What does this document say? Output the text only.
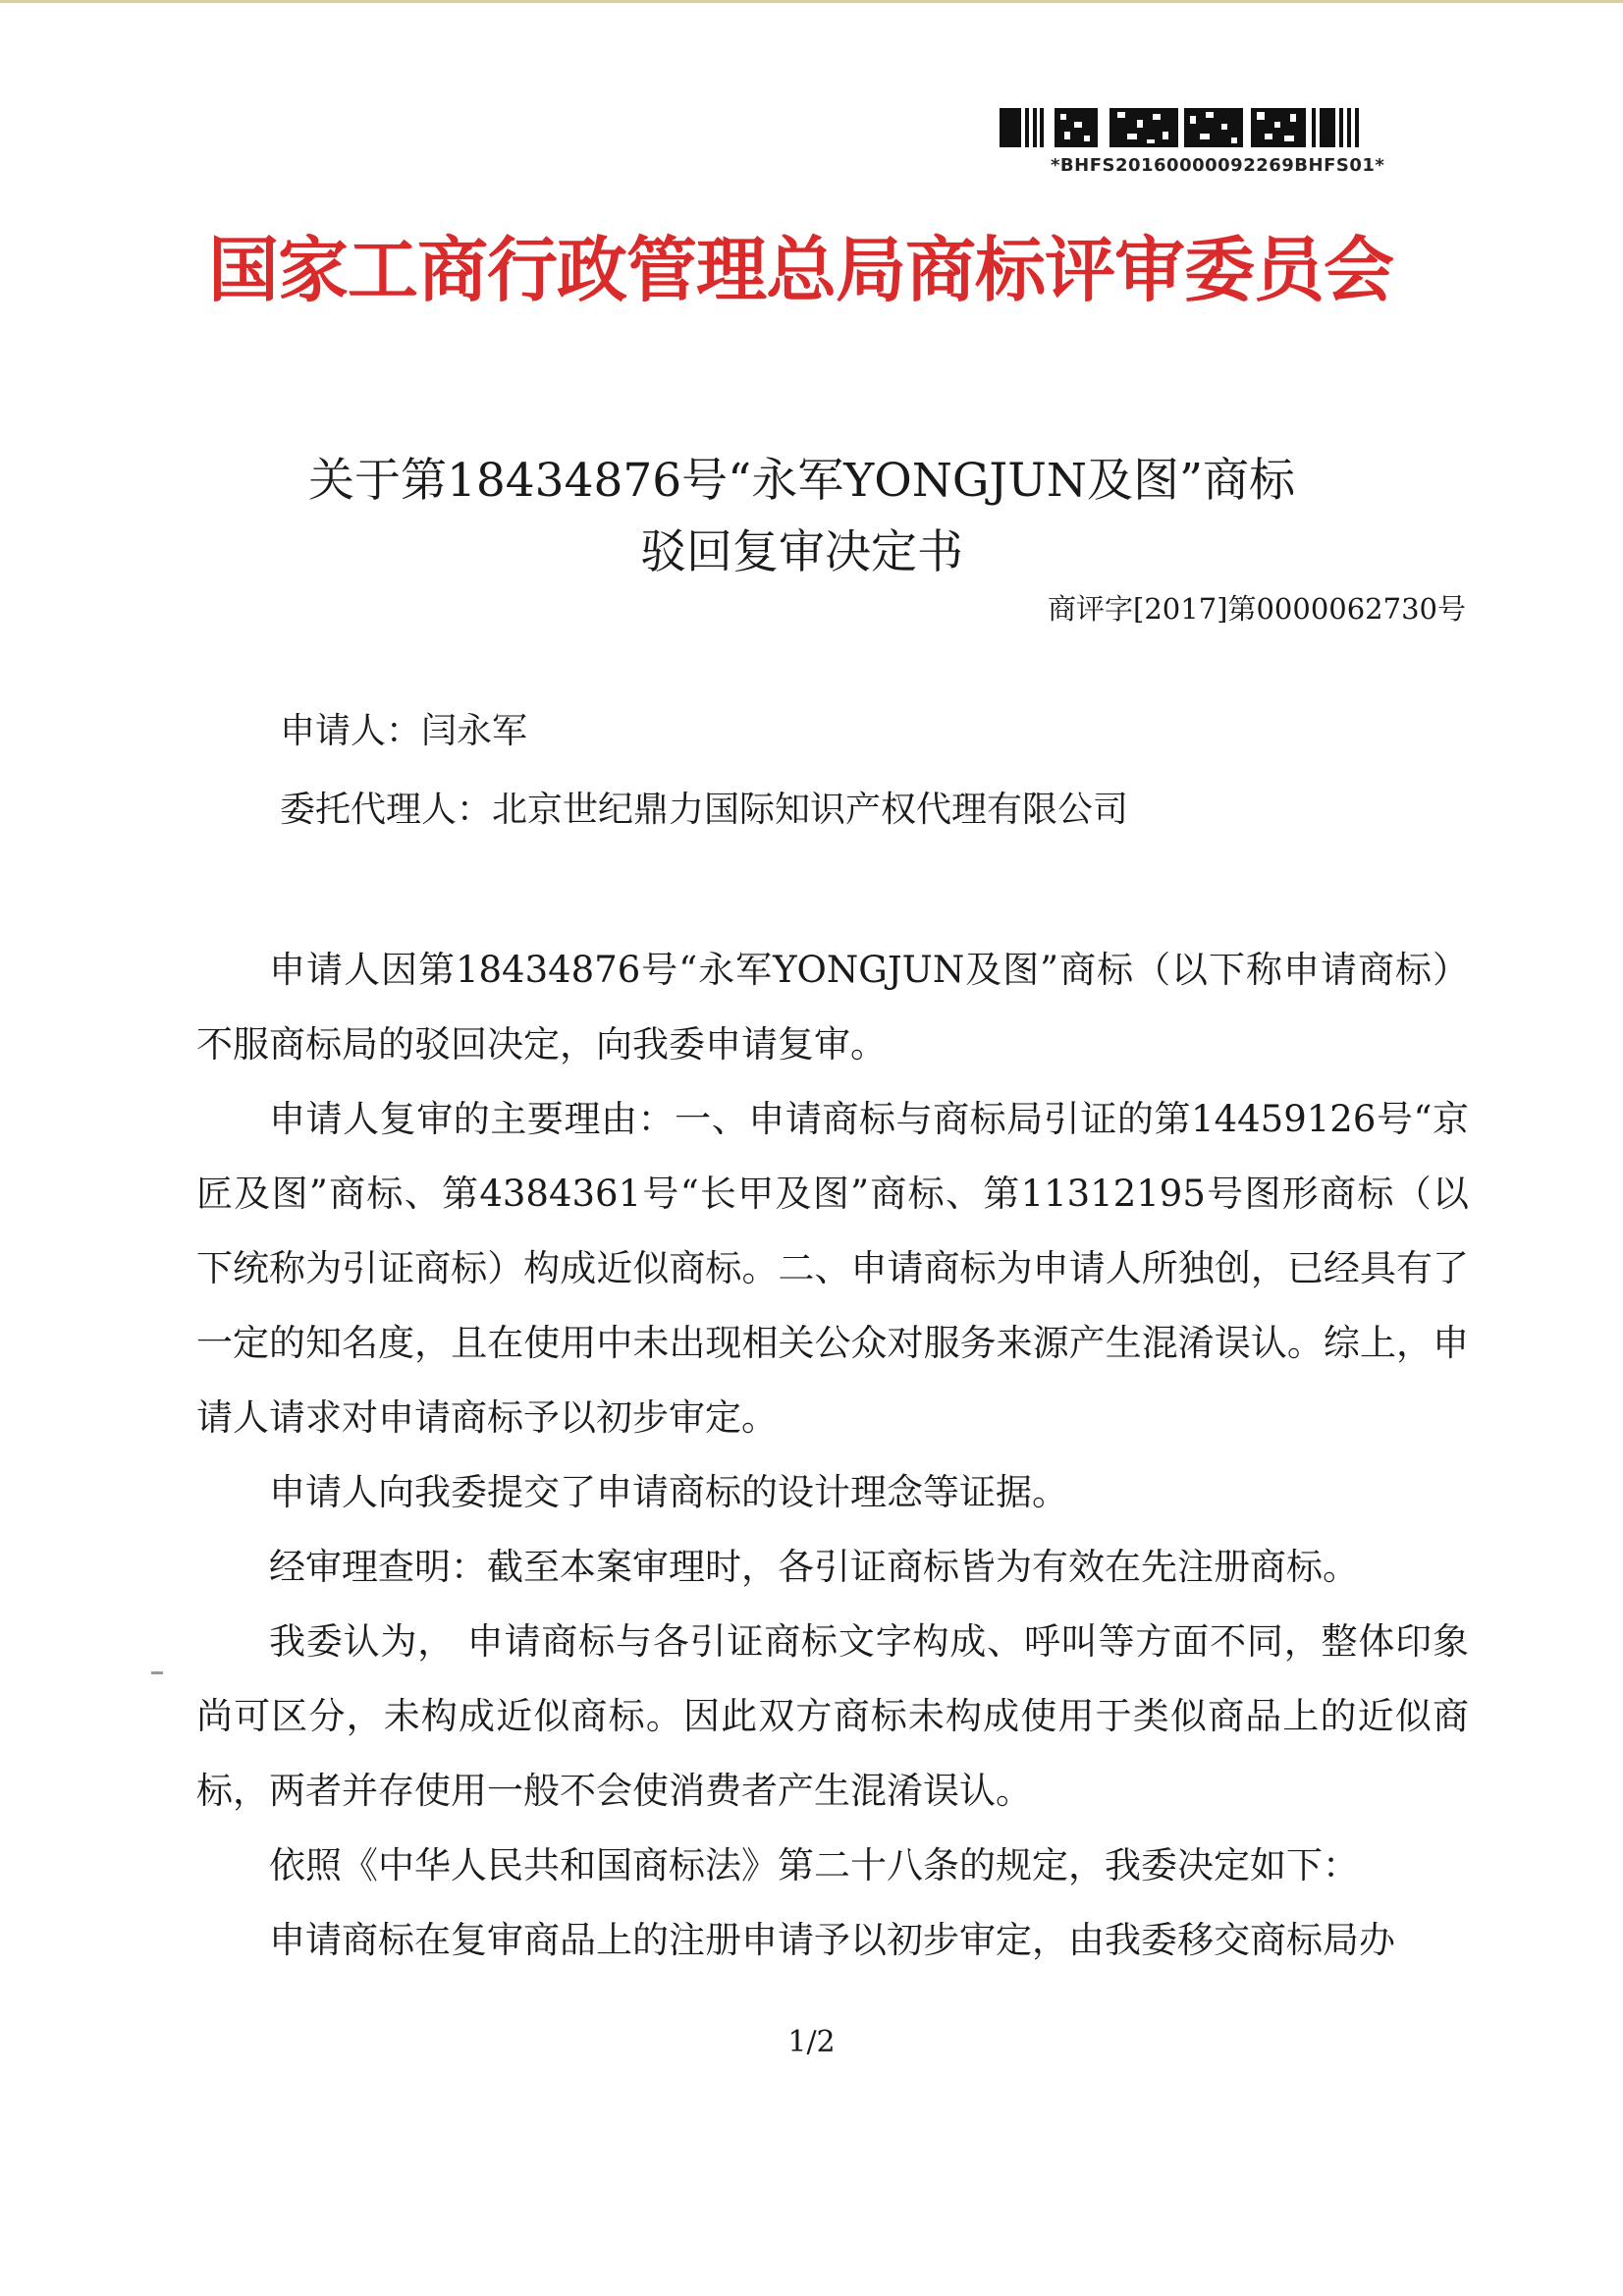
*BHFS20160000092269BHFS01*
国家工商行政管理总局商标评审委员会
关于第18434876号“永军YONGJUN及图”商标
驳回复审决定书
商评字[2017]第0000062730号
申请人：闫永军
委托代理人：北京世纪鼎力国际知识产权代理有限公司

申请人因第18434876号“永军YONGJUN及图”商标（以下称申请商标）不服商标局的驳回决定，向我委申请复审。

申请人复审的主要理由：一、申请商标与商标局引证的第14459126号“京匠及图”商标、第4384361号“长甲及图”商标、第11312195号图形商标（以下统称为引证商标）构成近似商标。二、申请商标为申请人所独创，已经具有了一定的知名度，且在使用中未出现相关公众对服务来源产生混淆误认。综上，申请人请求对申请商标予以初步审定。

申请人向我委提交了申请商标的设计理念等证据。

经审理查明：截至本案审理时，各引证商标皆为有效在先注册商标。

我委认为， 申请商标与各引证商标文字构成、呼叫等方面不同，整体印象尚可区分，未构成近似商标。因此双方商标未构成使用于类似商品上的近似商标，两者并存使用一般不会使消费者产生混淆误认。

依照《中华人民共和国商标法》第二十八条的规定，我委决定如下：

申请商标在复审商品上的注册申请予以初步审定，由我委移交商标局办

1/2
